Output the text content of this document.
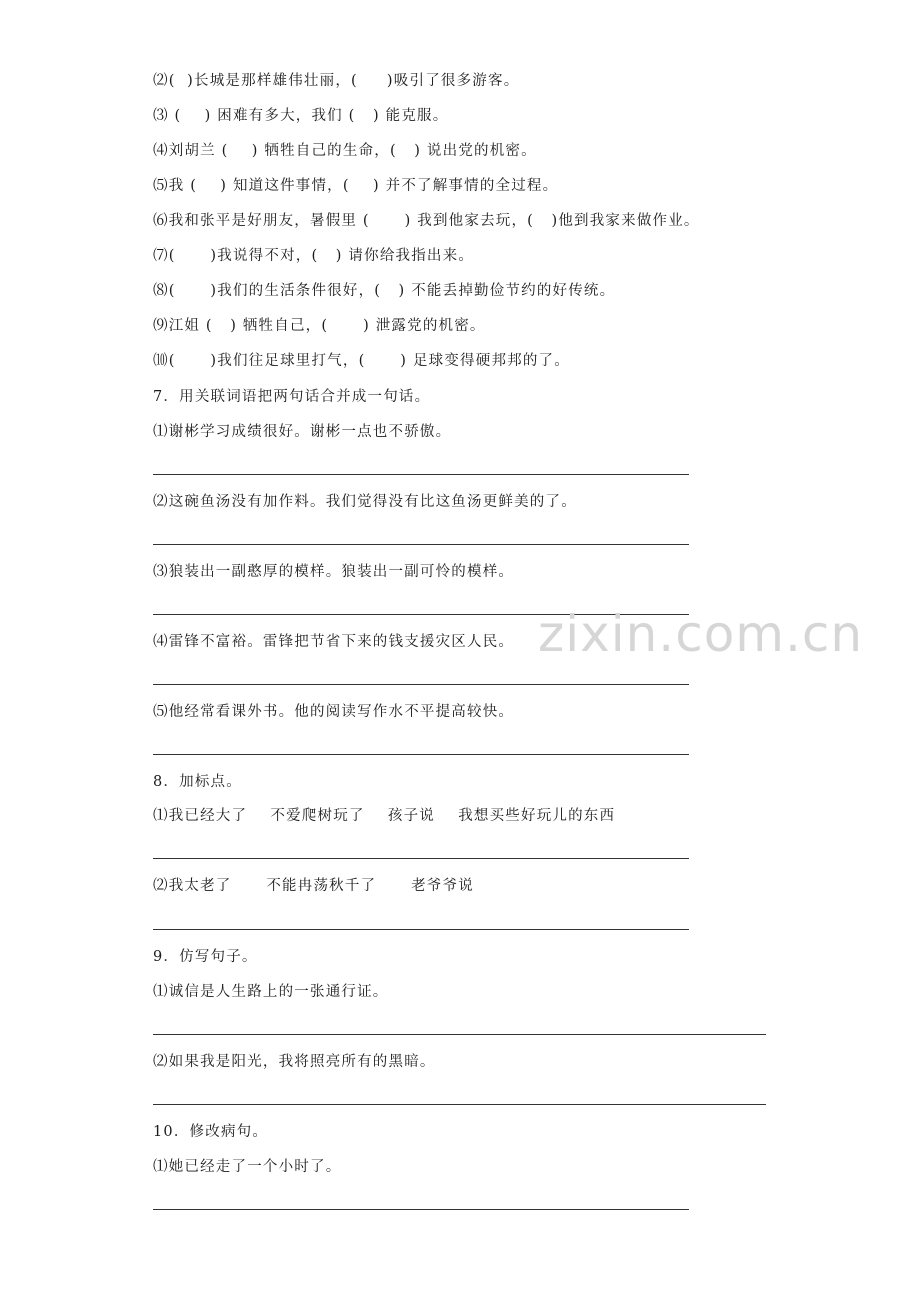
⑵(  )长城是那样雄伟壮丽，(     )吸引了很多游客。
⑶ (    ) 困难有多大，我们 (   ) 能克服。
⑷刘胡兰 (    ) 牺牲自己的生命，(   ) 说出党的机密。
⑸我 (    ) 知道这件事情，(    ) 并不了解事情的全过程。
⑹我和张平是好朋友，暑假里 (      ) 我到他家去玩，(   )他到我家来做作业。
⑺(      )我说得不对，(   ) 请你给我指出来。
⑻(      )我们的生活条件很好，(   ) 不能丢掉勤俭节约的好传统。
⑼江姐 (   ) 牺牲自己，(      ) 泄露党的机密。
⑽(      )我们往足球里打气，(      ) 足球变得硬邦邦的了。
7．用关联词语把两句话合并成一句话。
⑴谢彬学习成绩很好。谢彬一点也不骄傲。
⑵这碗鱼汤没有加作料。我们觉得没有比这鱼汤更鲜美的了。
⑶狼装出一副憨厚的模样。狼装出一副可怜的模样。
⑷雷锋不富裕。雷锋把节省下来的钱支援灾区人民。
⑸他经常看课外书。他的阅读写作水不平提高较快。
8．加标点。
⑴我已经大了    不爱爬树玩了    孩子说    我想买些好玩儿的东西
⑵我太老了      不能冉荡秋千了      老爷爷说
9．仿写句子。
⑴诚信是人生路上的一张通行证。
⑵如果我是阳光，我将照亮所有的黑暗。
10．修改病句。
⑴她已经走了一个小时了。
zixin.com.cn
